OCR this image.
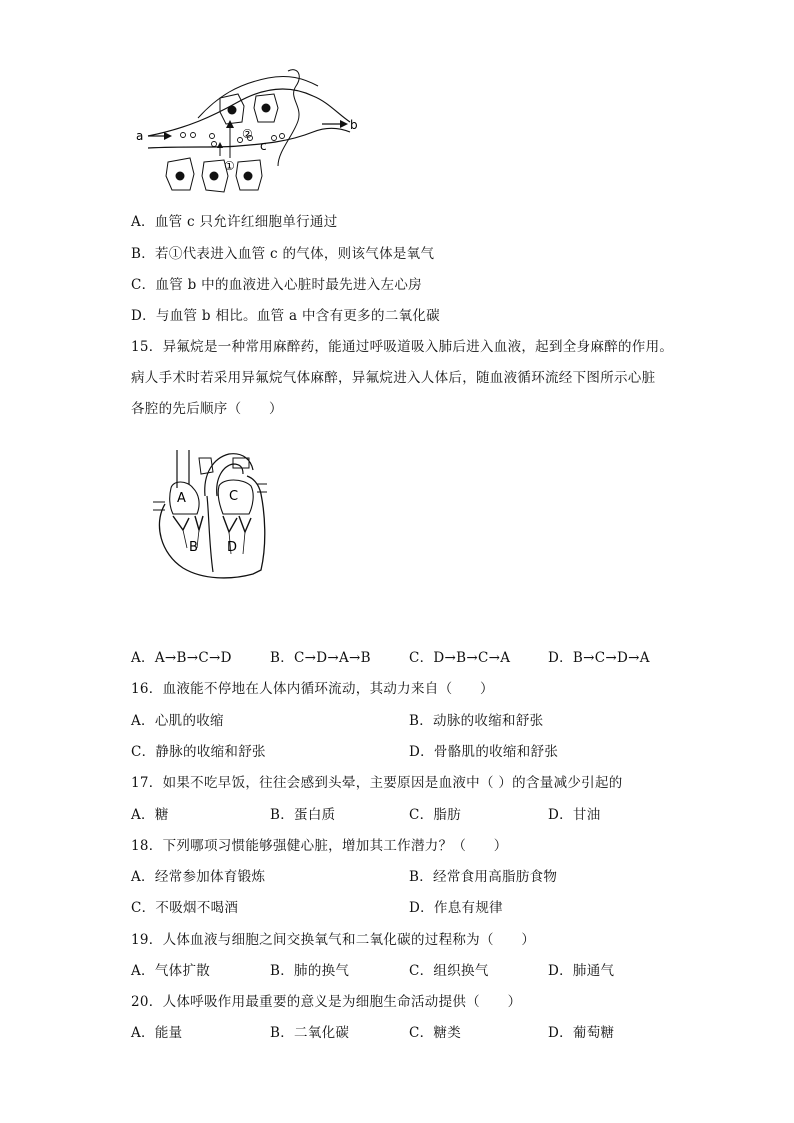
a
b
c
①
②
A．血管 c 只允许红细胞单行通过
B．若①代表进入血管 c 的气体，则该气体是氧气
C．血管 b 中的血液进入心脏时最先进入左心房
D．与血管 b 相比。血管 a 中含有更多的二氧化碳
15．异氟烷是一种常用麻醉药，能通过呼吸道吸入肺后进入血液，起到全身麻醉的作用。
病人手术时若采用异氟烷气体麻醉，异氟烷进入人体后，随血液循环流经下图所示心脏
各腔的先后顺序（　　）
A	C
B D
A．A→B→C→D	B．C→D→A→B	C．D→B→C→A	D．B→C→D→A
16．血液能不停地在人体内循环流动，其动力来自（　　）
A．心肌的收缩	B．动脉的收缩和舒张
C．静脉的收缩和舒张	D．骨骼肌的收缩和舒张
17．如果不吃早饭，往往会感到头晕，主要原因是血液中（ ）的含量减少引起的
A．糖	B．蛋白质	C．脂肪	D．甘油
18．下列哪项习惯能够强健心脏，增加其工作潜力？（　　）
A．经常参加体育锻炼	B．经常食用高脂肪食物
C．不吸烟不喝酒	D．作息有规律
19．人体血液与细胞之间交换氧气和二氧化碳的过程称为（　　）
A．气体扩散	B．肺的换气	C．组织换气	D．肺通气
20．人体呼吸作用最重要的意义是为细胞生命活动提供（　　）
A．能量	B．二氧化碳	C．糖类	D．葡萄糖
